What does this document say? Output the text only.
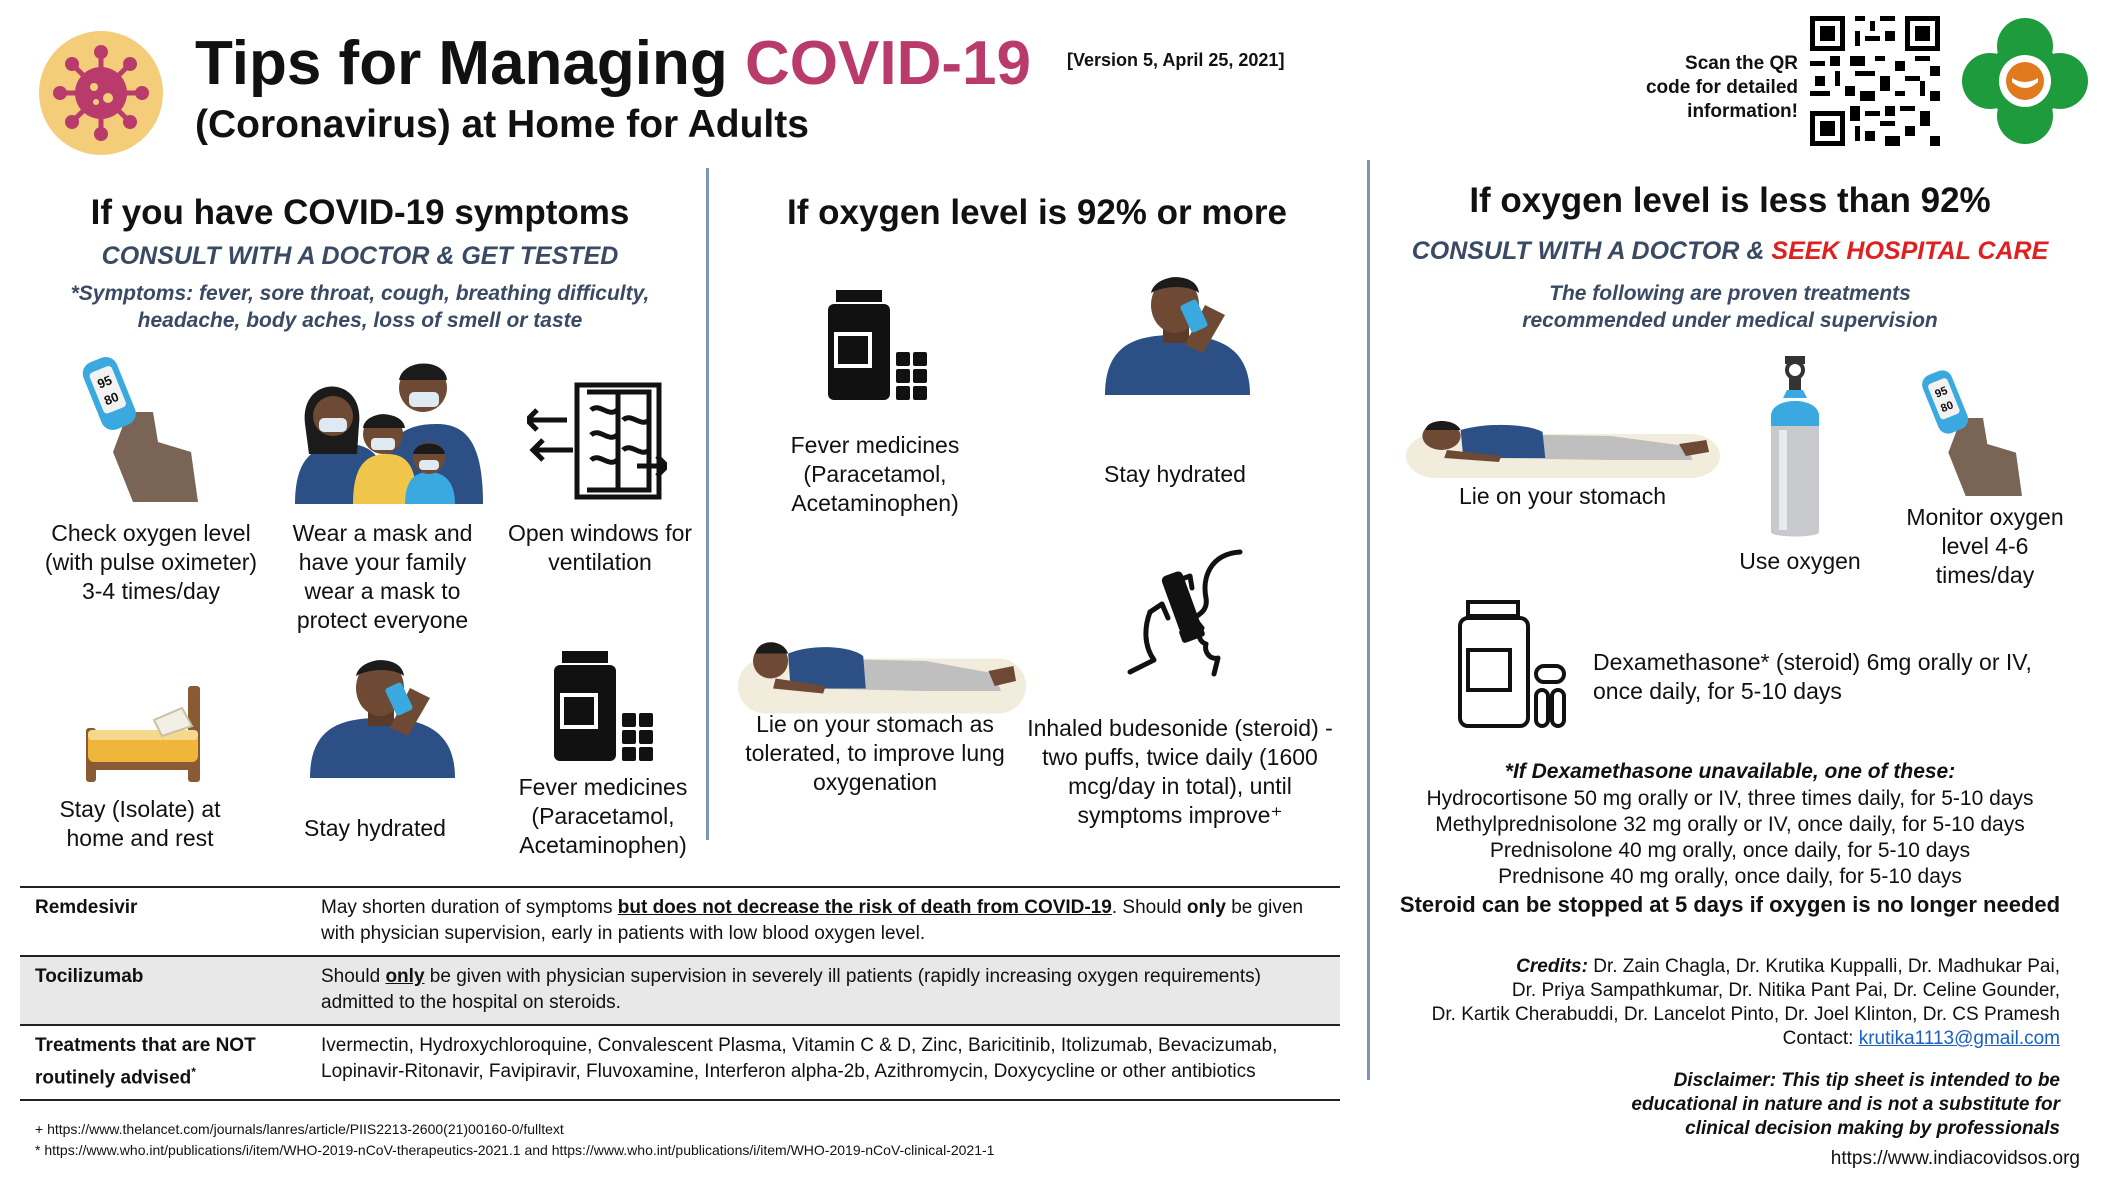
Tips for Managing COVID-19
(Coronavirus) at Home for Adults
[Version 5, April 25, 2021]	Scan the QR code for detailed information!
If you have COVID-19 symptoms
CONSULT WITH A DOCTOR & GET TESTED
*Symptoms: fever, sore throat, cough, breathing difficulty, headache, body aches, loss of smell or taste
Check oxygen level (with pulse oximeter) 3-4 times/day
Wear a mask and have your family wear a mask to protect everyone
Open windows for ventilation
Stay (Isolate) at home and rest	Stay hydrated
Fever medicines (Paracetamol, Acetaminophen)
If oxygen level is 92% or more
Fever medicines (Paracetamol, Acetaminophen)
Stay hydrated
Lie on your stomach as tolerated, to improve lung oxygenation
Inhaled budesonide (steroid) - two puffs, twice daily (1600 mcg/day in total), until symptoms improve⁺
If oxygen level is less than 92%
CONSULT WITH A DOCTOR & SEEK HOSPITAL CARE
The following are proven treatments recommended under medical supervision
Lie on your stomach
Use oxygen
Monitor oxygen level 4-6 times/day
Dexamethasone* (steroid) 6mg orally or IV, once daily, for 5-10 days
*If Dexamethasone unavailable, one of these:
Hydrocortisone 50 mg orally or IV, three times daily, for 5-10 days
Methylprednisolone 32 mg orally or IV, once daily, for 5-10 days
Prednisolone 40 mg orally, once daily, for 5-10 days
Prednisone 40 mg orally, once daily, for 5-10 days
Steroid can be stopped at 5 days if oxygen is no longer needed
Remdesivir	May shorten duration of symptoms but does not decrease the risk of death from COVID-19. Should only be given with physician supervision, early in patients with low blood oxygen level.
Tocilizumab	Should only be given with physician supervision in severely ill patients (rapidly increasing oxygen requirements) admitted to the hospital on steroids.
Treatments that are NOT routinely advised*	Ivermectin, Hydroxychloroquine, Convalescent Plasma, Vitamin C & D, Zinc, Baricitinib, Itolizumab, Bevacizumab, Lopinavir-Ritonavir, Favipiravir, Fluvoxamine, Interferon alpha-2b, Azithromycin, Doxycycline or other antibiotics
+ https://www.thelancet.com/journals/lanres/article/PIIS2213-2600(21)00160-0/fulltext
* https://www.who.int/publications/i/item/WHO-2019-nCoV-therapeutics-2021.1 and https://www.who.int/publications/i/item/WHO-2019-nCoV-clinical-2021-1
Credits: Dr. Zain Chagla, Dr. Krutika Kuppalli, Dr. Madhukar Pai,
Dr. Priya Sampathkumar, Dr. Nitika Pant Pai, Dr. Celine Gounder,
Dr. Kartik Cherabuddi, Dr. Lancelot Pinto, Dr. Joel Klinton, Dr. CS Pramesh
Contact: krutika1113@gmail.com
Disclaimer: This tip sheet is intended to be educational in nature and is not a substitute for clinical decision making by professionals
https://www.indiacovidsos.org
